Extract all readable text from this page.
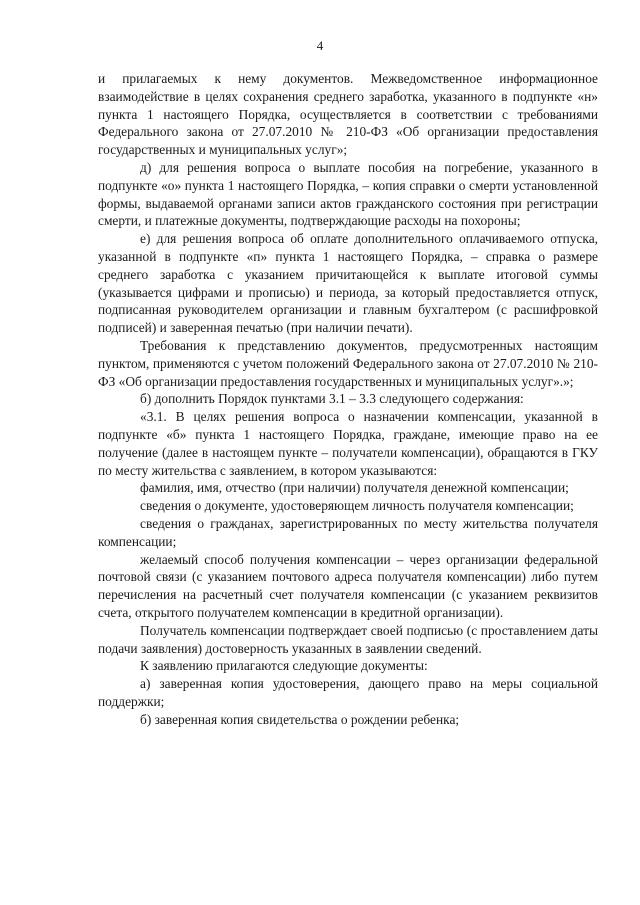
4

и прилагаемых к нему документов. Межведомственное информационное взаимодействие в целях сохранения среднего заработка, указанного в подпункте «н» пункта 1 настоящего Порядка, осуществляется в соответствии с требованиями Федерального закона от 27.07.2010 № 210-ФЗ «Об организации предоставления государственных и муниципальных услуг»;

д) для решения вопроса о выплате пособия на погребение, указанного в подпункте «о» пункта 1 настоящего Порядка, – копия справки о смерти установленной формы, выдаваемой органами записи актов гражданского состояния при регистрации смерти, и платежные документы, подтверждающие расходы на похороны;

е) для решения вопроса об оплате дополнительного оплачиваемого отпуска, указанной в подпункте «п» пункта 1 настоящего Порядка, – справка о размере среднего заработка с указанием причитающейся к выплате итоговой суммы (указывается цифрами и прописью) и периода, за который предоставляется отпуск, подписанная руководителем организации и главным бухгалтером (с расшифровкой подписей) и заверенная печатью (при наличии печати).

Требования к представлению документов, предусмотренных настоящим пунктом, применяются с учетом положений Федерального закона от 27.07.2010 № 210-ФЗ «Об организации предоставления государственных и муниципальных услуг».»;

б) дополнить Порядок пунктами 3.1 – 3.3 следующего содержания:

«3.1. В целях решения вопроса о назначении компенсации, указанной в подпункте «б» пункта 1 настоящего Порядка, граждане, имеющие право на ее получение (далее в настоящем пункте – получатели компенсации), обращаются в ГКУ по месту жительства с заявлением, в котором указываются:

фамилия, имя, отчество (при наличии) получателя денежной компенсации;

сведения о документе, удостоверяющем личность получателя компенсации;

сведения о гражданах, зарегистрированных по месту жительства получателя компенсации;

желаемый способ получения компенсации – через организации федеральной почтовой связи (с указанием почтового адреса получателя компенсации) либо путем перечисления на расчетный счет получателя компенсации (с указанием реквизитов счета, открытого получателем компенсации в кредитной организации).

Получатель компенсации подтверждает своей подписью (с проставлением даты подачи заявления) достоверность указанных в заявлении сведений.

К заявлению прилагаются следующие документы:

а) заверенная копия удостоверения, дающего право на меры социальной поддержки;

б) заверенная копия свидетельства о рождении ребенка;
